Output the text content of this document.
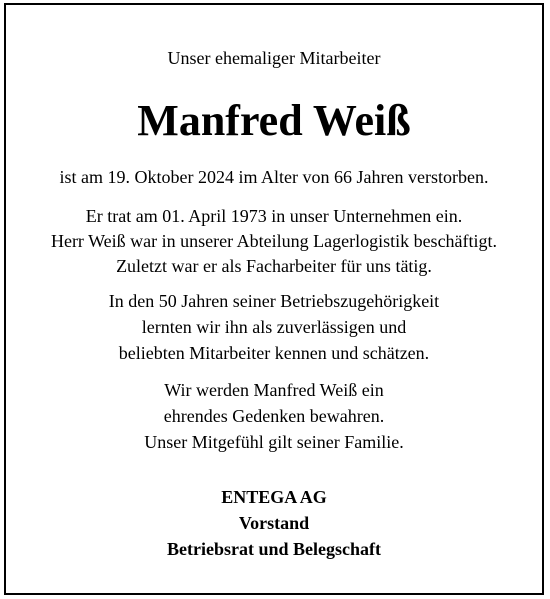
Unser ehemaliger Mitarbeiter
Manfred Weiß
ist am 19. Oktober 2024 im Alter von 66 Jahren verstorben.
Er trat am 01. April 1973 in unser Unternehmen ein.
Herr Weiß war in unserer Abteilung Lagerlogistik beschäftigt.
Zuletzt war er als Facharbeiter für uns tätig.
In den 50 Jahren seiner Betriebszugehörigkeit
lernten wir ihn als zuverlässigen und
beliebten Mitarbeiter kennen und schätzen.
Wir werden Manfred Weiß ein
ehrendes Gedenken bewahren.
Unser Mitgefühl gilt seiner Familie.
ENTEGA AG
Vorstand
Betriebsrat und Belegschaft
